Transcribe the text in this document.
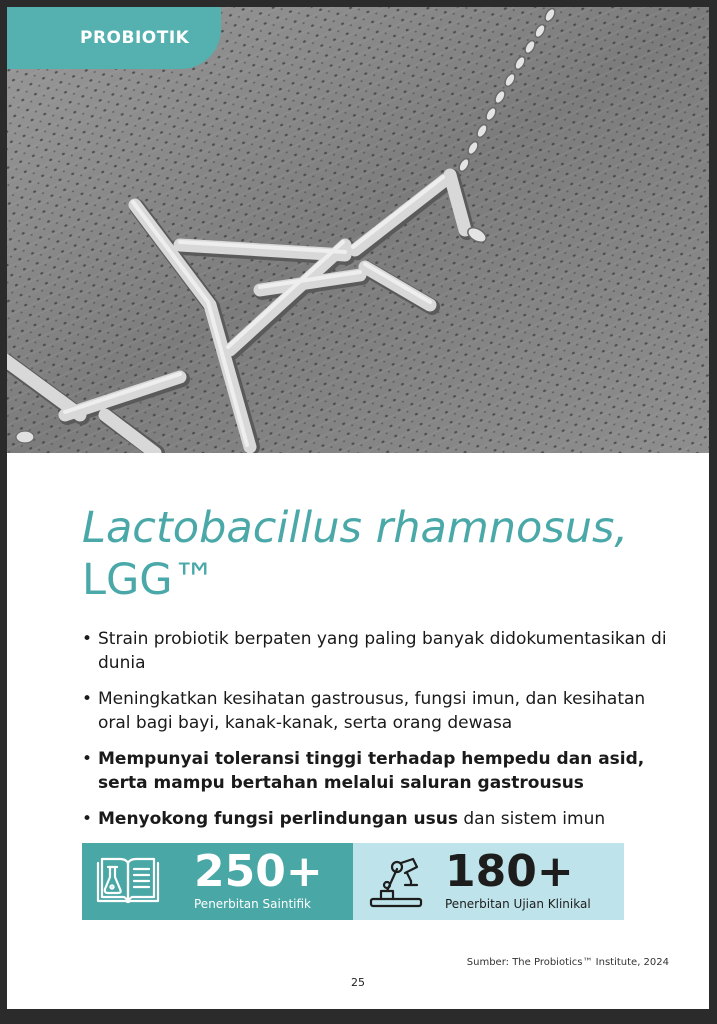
PROBIOTIK
Lactobacillus rhamnosus,
LGG™
• Strain probiotik berpaten yang paling banyak didokumentasikan di dunia
• Meningkatkan kesihatan gastrousus, fungsi imun, dan kesihatan oral bagi bayi, kanak-kanak, serta orang dewasa
• Mempunyai toleransi tinggi terhadap hempedu dan asid, serta mampu bertahan melalui saluran gastrousus
• Menyokong fungsi perlindungan usus dan sistem imun
250+
Penerbitan Saintifik
180+
Penerbitan Ujian Klinikal
Sumber: The Probiotics™ Institute, 2024
25
